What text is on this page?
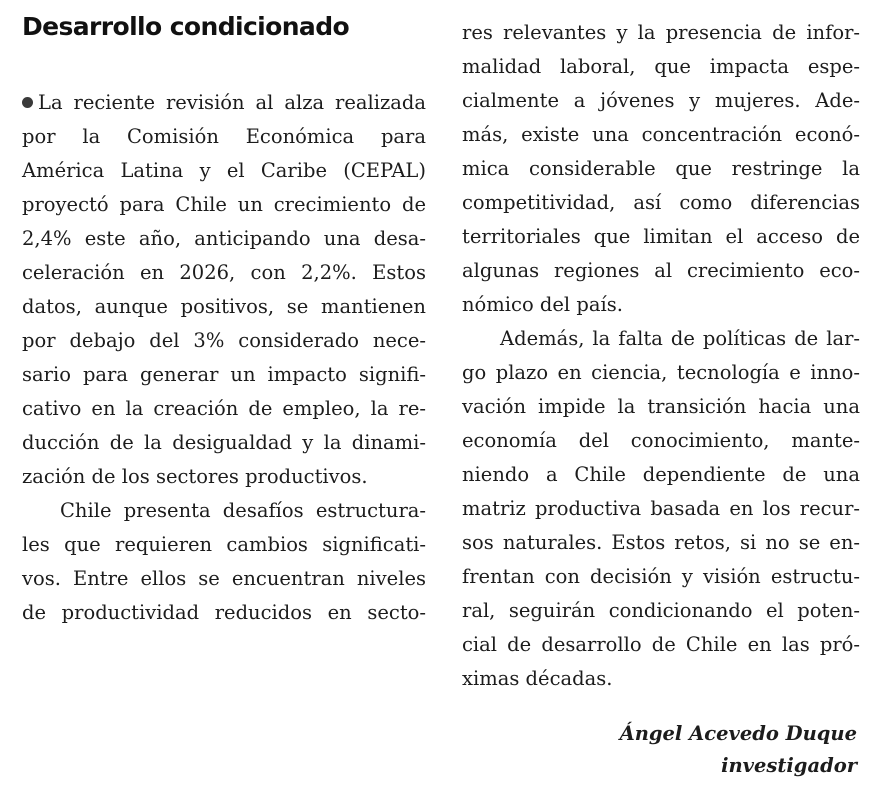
Desarrollo condicionado
La reciente revisión al alza realizada
por la Comisión Económica para
América Latina y el Caribe (CEPAL)
proyectó para Chile un crecimiento de
2,4% este año, anticipando una desa-
celeración en 2026, con 2,2%. Estos
datos, aunque positivos, se mantienen
por debajo del 3% considerado nece-
sario para generar un impacto signifi-
cativo en la creación de empleo, la re-
ducción de la desigualdad y la dinami-
zación de los sectores productivos.
Chile presenta desafíos estructura-
les que requieren cambios significati-
vos. Entre ellos se encuentran niveles
de productividad reducidos en secto-
res relevantes y la presencia de infor-
malidad laboral, que impacta espe-
cialmente a jóvenes y mujeres. Ade-
más, existe una concentración econó-
mica considerable que restringe la
competitividad, así como diferencias
territoriales que limitan el acceso de
algunas regiones al crecimiento eco-
nómico del país.
Además, la falta de políticas de lar-
go plazo en ciencia, tecnología e inno-
vación impide la transición hacia una
economía del conocimiento, mante-
niendo a Chile dependiente de una
matriz productiva basada en los recur-
sos naturales. Estos retos, si no se en-
frentan con decisión y visión estructu-
ral, seguirán condicionando el poten-
cial de desarrollo de Chile en las pró-
ximas décadas.
Ángel Acevedo Duque
investigador
